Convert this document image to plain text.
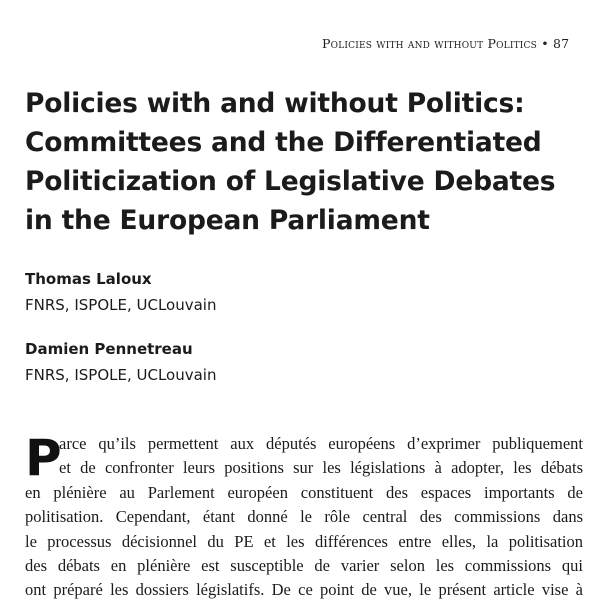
Policies with and without Politics • 87
Policies with and without Politics:
Committees and the Differentiated
Politicization of Legislative Debates
in the European Parliament
Thomas Laloux
FNRS, ISPOLE, UCLouvain
Damien Pennetreau
FNRS, ISPOLE, UCLouvain
P
arce qu’ils permettent aux députés européens d’exprimer publiquement
et de confronter leurs positions sur les législations à adopter, les débats
en plénière au Parlement européen constituent des espaces importants de
politisation. Cependant, étant donné le rôle central des commissions dans
le processus décisionnel du PE et les différences entre elles, la politisation
des débats en plénière est susceptible de varier selon les commissions qui
ont préparé les dossiers législatifs. De ce point de vue, le présent article vise à
